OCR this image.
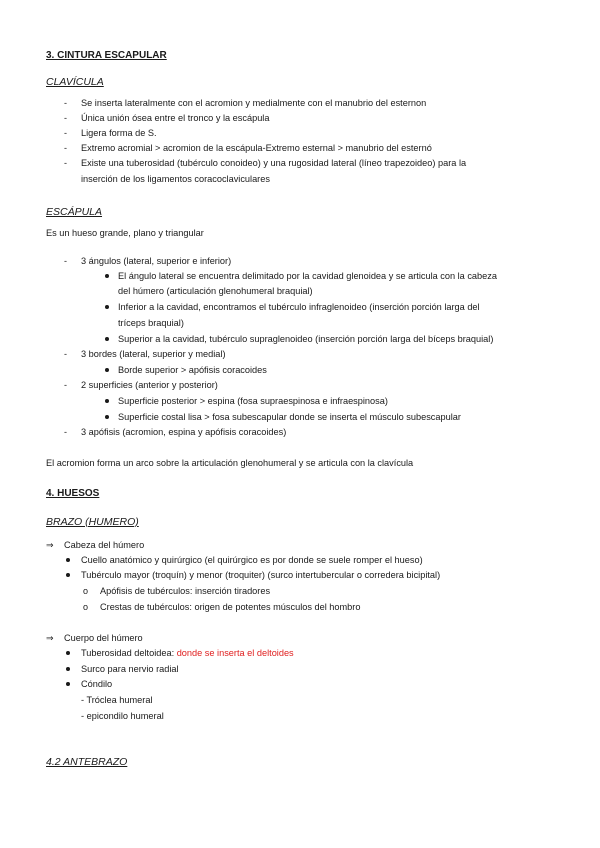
3. CINTURA ESCAPULAR
CLAVÍCULA
- Se inserta lateralmente con el acromion y medialmente con el manubrio del esternon
- Única unión ósea entre el tronco y la escápula
- Ligera forma de S.
- Extremo acromial > acromion de la escápula-Extremo esternal > manubrio del esternó
- Existe una tuberosidad (tubérculo conoideo) y una rugosidad lateral (líneo trapezoideo) para la
inserción de los ligamentos coracoclaviculares
ESCÁPULA
Es un hueso grande, plano y triangular
- 3 ángulos (lateral, superior e inferior)
El ángulo lateral se encuentra delimitado por la cavidad glenoidea y se articula con la cabeza
del húmero (articulación glenohumeral braquial)
Inferior a la cavidad, encontramos el tubérculo infraglenoideo (inserción porción larga del
tríceps braquial)
Superior a la cavidad, tubérculo supraglenoideo (inserción porción larga del bíceps braquial)
- 3 bordes (lateral, superior y medial)
Borde superior > apófisis coracoides
- 2 superficies (anterior y posterior)
Superficie posterior > espina (fosa supraespinosa e infraespinosa)
Superficie costal lisa > fosa subescapular donde se inserta el músculo subescapular
- 3 apófisis (acromion, espina y apófisis coracoides)
El acromion forma un arco sobre la articulación glenohumeral y se articula con la clavícula
4. HUESOS
BRAZO (HUMERO)
⇒ Cabeza del húmero
Cuello anatómico y quirúrgico (el quirúrgico es por donde se suele romper el hueso)
Tubérculo mayor (troquín) y menor (troquiter) (surco intertubercular o corredera bicipital)
o Apófisis de tubérculos: inserción tiradores
o Crestas de tubérculos: origen de potentes músculos del hombro
⇒ Cuerpo del húmero
Tuberosidad deltoidea: donde se inserta el deltoides
Surco para nervio radial
Cóndilo
- Tróclea humeral
- epicondilo humeral
4.2 ANTEBRAZO
